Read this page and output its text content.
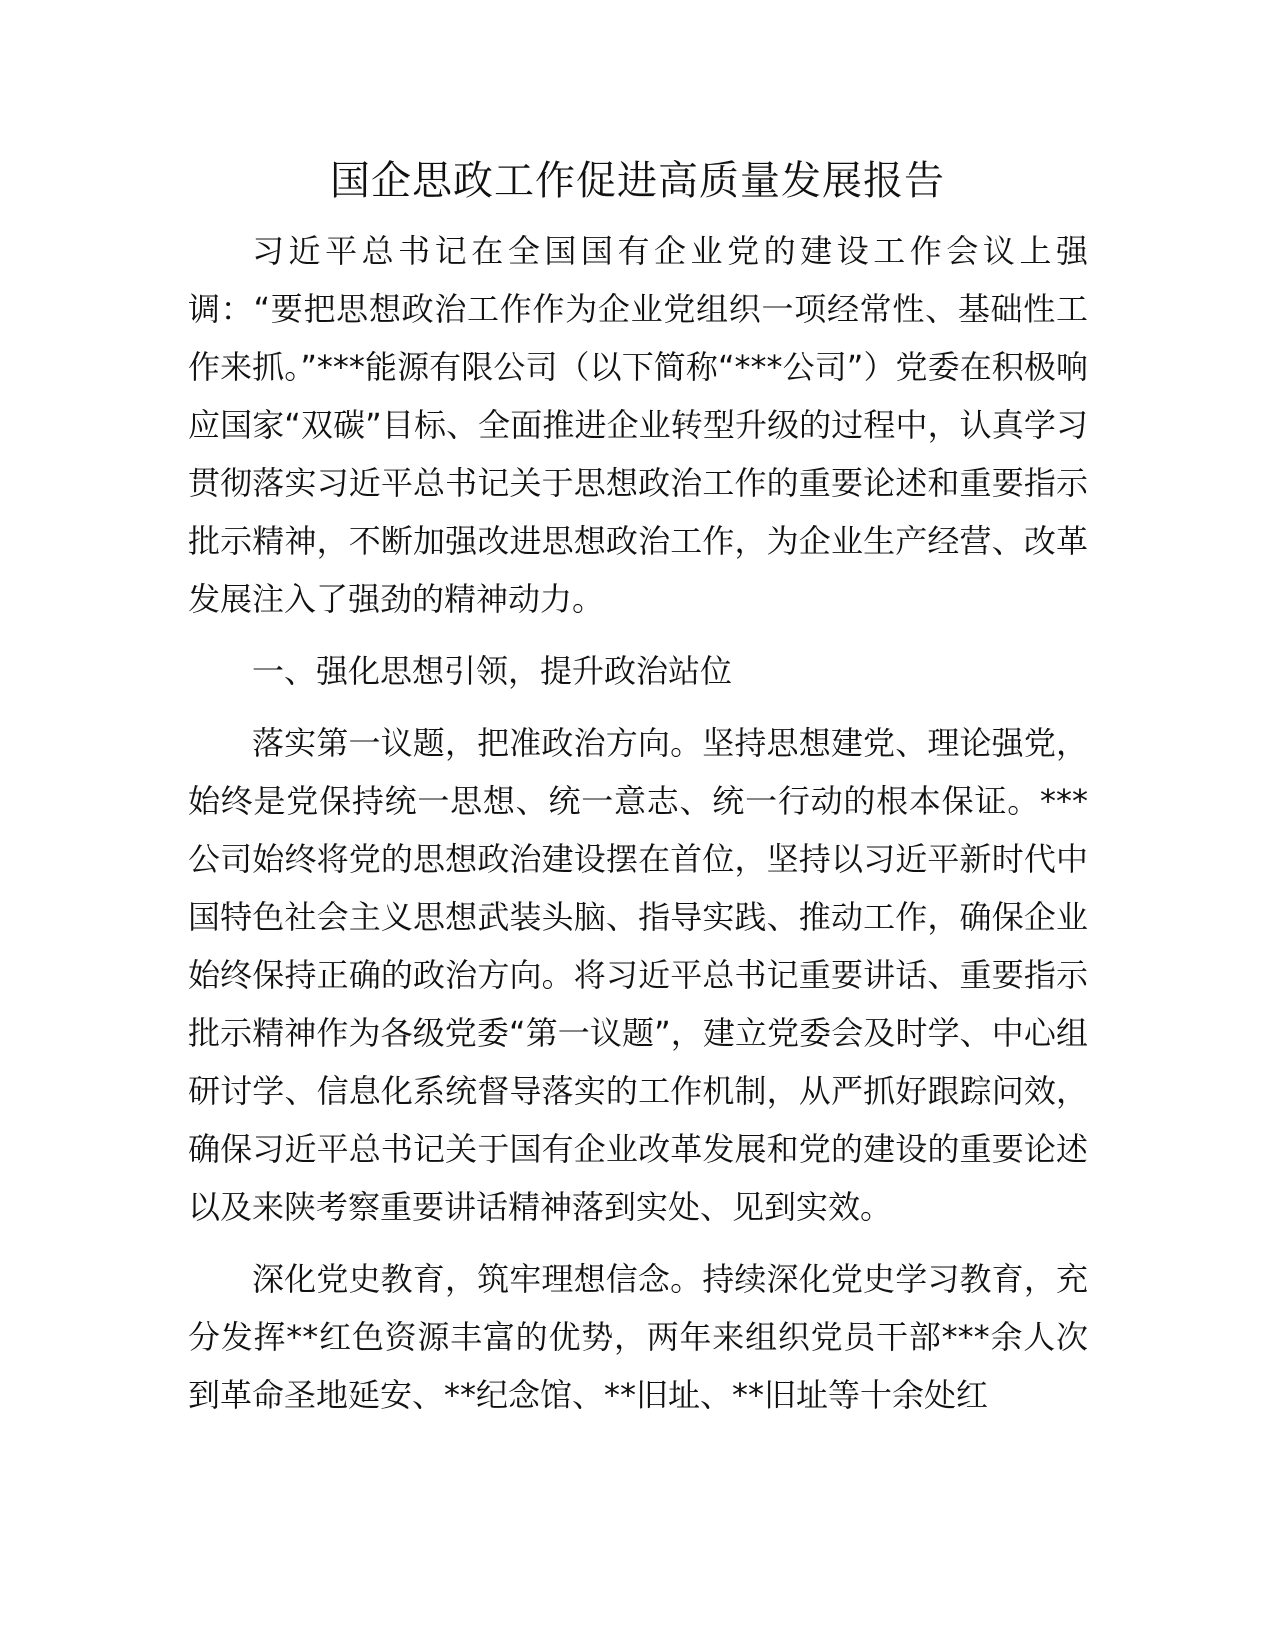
国企思政工作促进高质量发展报告

习近平总书记在全国国有企业党的建设工作会议上强调：“要把思想政治工作作为企业党组织一项经常性、基础性工作来抓。”***能源有限公司（以下简称“***公司”）党委在积极响应国家“双碳”目标、全面推进企业转型升级的过程中，认真学习贯彻落实习近平总书记关于思想政治工作的重要论述和重要指示批示精神，不断加强改进思想政治工作，为企业生产经营、改革发展注入了强劲的精神动力。

一、强化思想引领，提升政治站位

落实第一议题，把准政治方向。坚持思想建党、理论强党，始终是党保持统一思想、统一意志、统一行动的根本保证。***公司始终将党的思想政治建设摆在首位，坚持以习近平新时代中国特色社会主义思想武装头脑、指导实践、推动工作，确保企业始终保持正确的政治方向。将习近平总书记重要讲话、重要指示批示精神作为各级党委“第一议题”，建立党委会及时学、中心组研讨学、信息化系统督导落实的工作机制，从严抓好跟踪问效，确保习近平总书记关于国有企业改革发展和党的建设的重要论述以及来陕考察重要讲话精神落到实处、见到实效。

深化党史教育，筑牢理想信念。持续深化党史学习教育，充分发挥**红色资源丰富的优势，两年来组织党员干部***余人次到革命圣地延安、**纪念馆、**旧址、**旧址等十余处红
